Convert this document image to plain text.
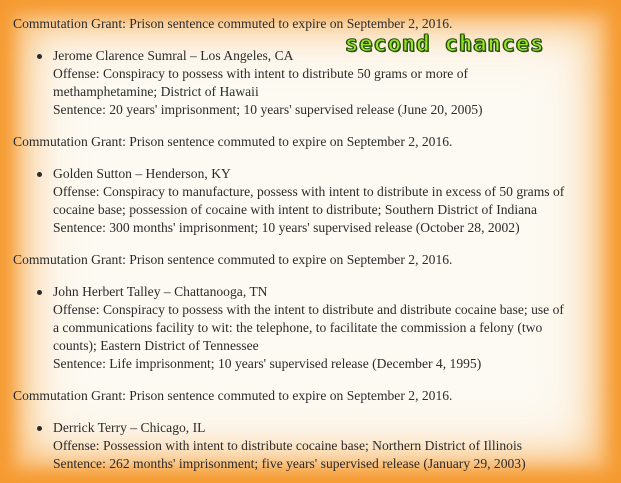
Commutation Grant: Prison sentence commuted to expire on September 2, 2016.

Jerome Clarence Sumral – Los Angeles, CA

Offense: Conspiracy to possess with intent to distribute 50 grams or more of

methamphetamine; District of Hawaii

Sentence: 20 years' imprisonment; 10 years' supervised release (June 20, 2005)

Commutation Grant: Prison sentence commuted to expire on September 2, 2016.

Golden Sutton – Henderson, KY

Offense: Conspiracy to manufacture, possess with intent to distribute in excess of 50 grams of

cocaine base; possession of cocaine with intent to distribute; Southern District of Indiana

Sentence: 300 months' imprisonment; 10 years' supervised release (October 28, 2002)

Commutation Grant: Prison sentence commuted to expire on September 2, 2016.

John Herbert Talley – Chattanooga, TN

Offense: Conspiracy to possess with the intent to distribute and distribute cocaine base; use of

a communications facility to wit: the telephone, to facilitate the commission a felony (two

counts); Eastern District of Tennessee

Sentence: Life imprisonment; 10 years' supervised release (December 4, 1995)

Commutation Grant: Prison sentence commuted to expire on September 2, 2016.

Derrick Terry – Chicago, IL

Offense: Possession with intent to distribute cocaine base; Northern District of Illinois

Sentence: 262 months' imprisonment; five years' supervised release (January 29, 2003)

second chances
